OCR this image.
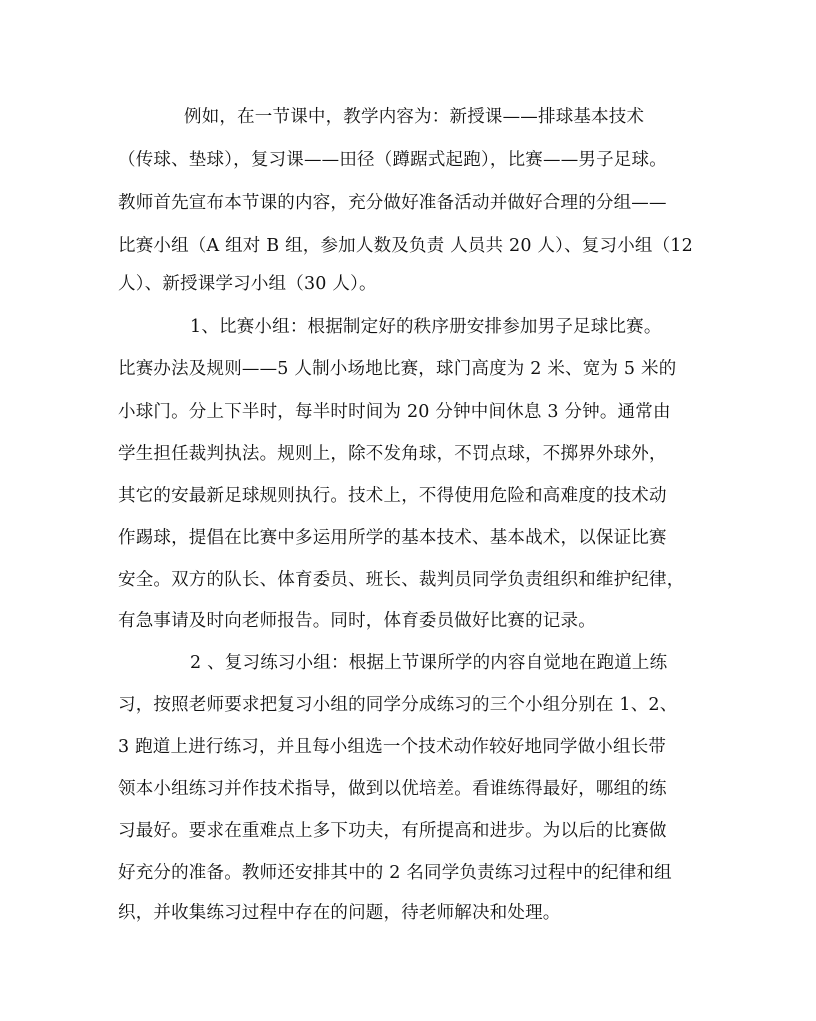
例如，在一节课中，教学内容为：新授课——排球基本技术
（传球、垫球），复习课——田径（蹲踞式起跑），比赛——男子足球。
教师首先宣布本节课的内容，充分做好准备活动并做好合理的分组——
比赛小组（A 组对 B 组，参加人数及负责 人员共 20 人）、复习小组（12
人）、新授课学习小组（30 人）。
1、比赛小组：根据制定好的秩序册安排参加男子足球比赛。
比赛办法及规则——5 人制小场地比赛，球门高度为 2 米、宽为 5 米的
小球门。分上下半时，每半时时间为 20 分钟中间休息 3 分钟。通常由
学生担任裁判执法。规则上，除不发角球，不罚点球，不掷界外球外，
其它的安最新足球规则执行。技术上，不得使用危险和高难度的技术动
作踢球，提倡在比赛中多运用所学的基本技术、基本战术，以保证比赛
安全。双方的队长、体育委员、班长、裁判员同学负责组织和维护纪律，
有急事请及时向老师报告。同时，体育委员做好比赛的记录。
2 、复习练习小组：根据上节课所学的内容自觉地在跑道上练
习，按照老师要求把复习小组的同学分成练习的三个小组分别在 1、2、
3 跑道上进行练习，并且每小组选一个技术动作较好地同学做小组长带
领本小组练习并作技术指导，做到以优培差。看谁练得最好，哪组的练
习最好。要求在重难点上多下功夫，有所提高和进步。为以后的比赛做
好充分的准备。教师还安排其中的 2 名同学负责练习过程中的纪律和组
织，并收集练习过程中存在的问题，待老师解决和处理。
